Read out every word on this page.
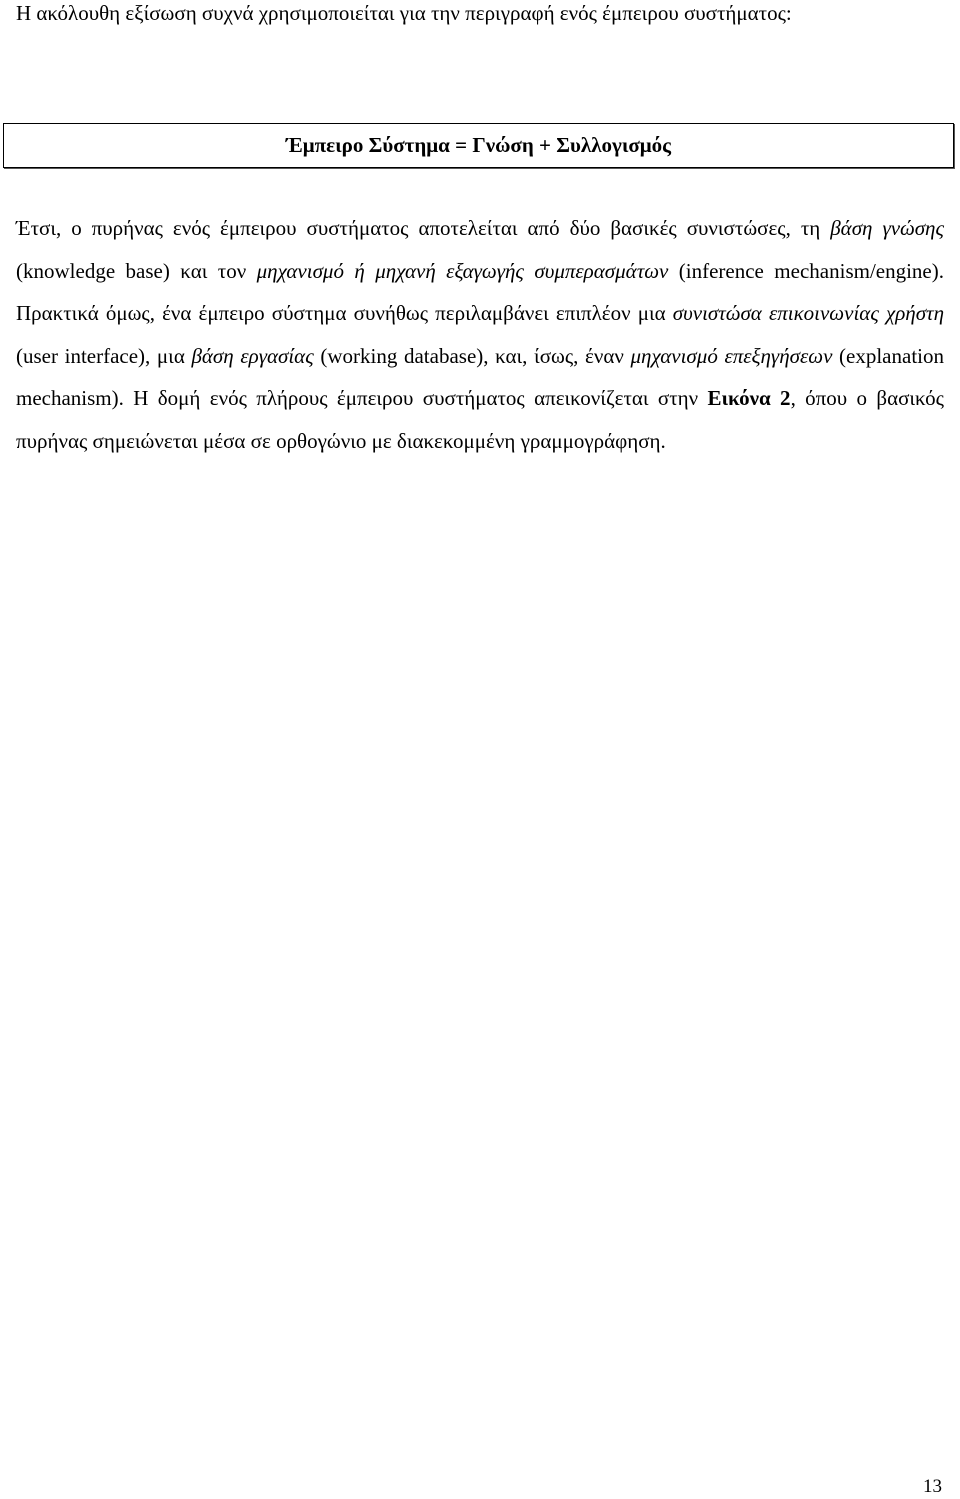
Η ακόλουθη εξίσωση συχνά χρησιμοποιείται για την περιγραφή ενός έμπειρου συστήματος:

Έμπειρο Σύστημα = Γνώση + Συλλογισμός

Έτσι, ο πυρήνας ενός έμπειρου συστήματος αποτελείται από δύο βασικές συνιστώσες, τη βάση γνώσης (knowledge base) και τον μηχανισμό ή μηχανή εξαγωγής συμπερασμάτων (inference mechanism/engine). Πρακτικά όμως, ένα έμπειρο σύστημα συνήθως περιλαμβάνει επιπλέον μια συνιστώσα επικοινωνίας χρήστη (user interface), μια βάση εργασίας (working database), και, ίσως, έναν μηχανισμό επεξηγήσεων (explanation mechanism). Η δομή ενός πλήρους έμπειρου συστήματος απεικονίζεται στην Εικόνα 2, όπου ο βασικός πυρήνας σημειώνεται μέσα σε ορθογώνιο με διακεκομμένη γραμμογράφηση.

13
